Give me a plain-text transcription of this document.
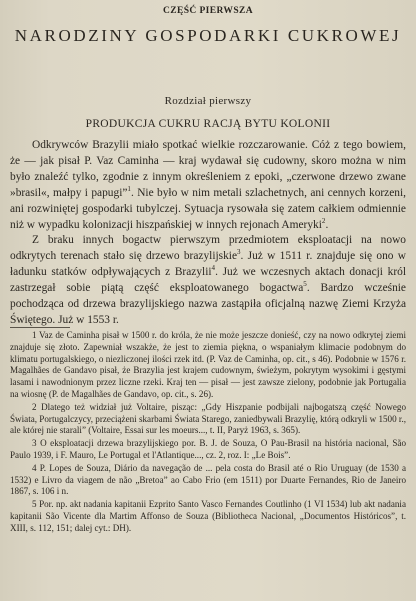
CZĘŚĆ PIERWSZA
NARODZINY GOSPODARKI CUKROWEJ
Rozdział pierwszy
PRODUKCJA CUKRU RACJĄ BYTU KOLONII

Odkrywców Brazylii miało spotkać wielkie rozczarowanie. Cóż z tego bowiem, że — jak pisał P. Vaz Caminha — kraj wydawał się cudowny, skoro można w nim było znaleźć tylko, zgodnie z innym określeniem z epoki, „czerwone drzewo zwane »brasil«, małpy i papugi”$^1$. Nie było w nim metali szlachetnych, ani cennych korzeni, ani rozwiniętej gospodarki tubylczej. Sytuacja rysowała się zatem całkiem odmiennie niż w wypadku kolonizacji hiszpańskiej w innych rejonach Ameryki$^2$.

Z braku innych bogactw pierwszym przedmiotem eksploatacji na nowo odkrytych terenach stało się drzewo brazylijskie$^3$. Już w 1511 r. znajduje się ono w ładunku statków odpływających z Brazylii$^4$. Już we wczesnych aktach donacji król zastrzegał sobie piątą część eksploatowanego bogactwa$^5$. Bardzo wcześnie pochodząca od drzewa brazylijskiego nazwa zastąpiła oficjalną nazwę Ziemi Krzyża Świętego. Już w 1553 r.

1 Vaz de Caminha pisał w 1500 r. do króla, że nie może jeszcze donieść, czy na nowo odkrytej ziemi znajduje się złoto. Zapewniał wszakże, że jest to ziemia piękna, o wspaniałym klimacie podobnym do klimatu portugalskiego, o niezliczonej ilości rzek itd. (P. Vaz de Caminha, op. cit., s 46). Podobnie w 1576 r. Magalhães de Gandavo pisał, że Brazylia jest krajem cudownym, świeżym, pokrytym wysokimi i gęstymi lasami i nawodnionym przez liczne rzeki. Kraj ten — pisał — jest zawsze zielony, podobnie jak Portugalia na wiosnę (P. de Magalhães de Gandavo, op. cit., s. 26).

2 Dlatego też widział już Voltaire, pisząc: „Gdy Hiszpanie podbijali najbogatszą część Nowego Świata, Portugalczycy, przeciążeni skarbami Świata Starego, zaniedbywali Brazylię, którą odkryli w 1500 r., ale której nie starali” (Voltaire, Essai sur les moeurs..., t. II, Paryż 1963, s. 365).

3 O eksploatacji drzewa brazylijskiego por. B. J. de Souza, O Pau-Brasil na história nacional, São Paulo 1939, i F. Mauro, Le Portugal et l'Atlantique..., cz. 2, roz. I: „Le Bois”.

4 P. Lopes de Souza, Diário da navegação de ... pela costa do Brasil até o Rio Uruguay (de 1530 a 1532) e Livro da viagem de não „Bretoa” ao Cabo Frio (em 1511) por Duarte Fernandes, Rio de Janeiro 1867, s. 106 i n.

5 Por. np. akt nadania kapitanii Ezprito Santo Vasco Fernandes Coutlinho (1 VI 1534) lub akt nadania kapitanii São Vicente dla Martim Affonso de Souza (Bibliotheca Nacional, „Documentos Históricos”, t. XIII, s. 112, 151; dalej cyt.: DH).
